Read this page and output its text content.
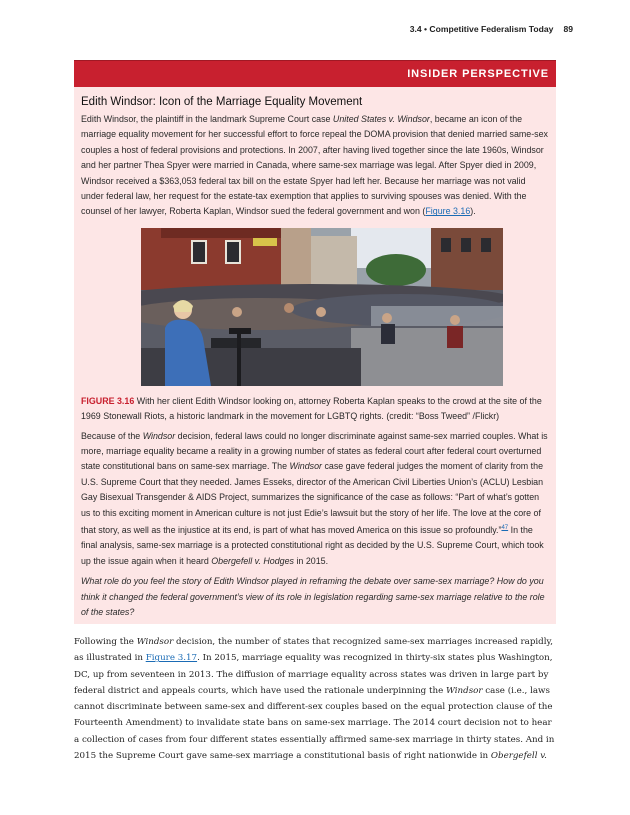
3.4 • Competitive Federalism Today 89
INSIDER PERSPECTIVE
Edith Windsor: Icon of the Marriage Equality Movement

Edith Windsor, the plaintiff in the landmark Supreme Court case United States v. Windsor, became an icon of the marriage equality movement for her successful effort to force repeal the DOMA provision that denied married same-sex couples a host of federal provisions and protections. In 2007, after having lived together since the late 1960s, Windsor and her partner Thea Spyer were married in Canada, where same-sex marriage was legal. After Spyer died in 2009, Windsor received a $363,053 federal tax bill on the estate Spyer had left her. Because her marriage was not valid under federal law, her request for the estate-tax exemption that applies to surviving spouses was denied. With the counsel of her lawyer, Roberta Kaplan, Windsor sued the federal government and won (Figure 3.16).

FIGURE 3.16 With her client Edith Windsor looking on, attorney Roberta Kaplan speaks to the crowd at the site of the 1969 Stonewall Riots, a historic landmark in the movement for LGBTQ rights. (credit: “Boss Tweed” /Flickr)

Because of the Windsor decision, federal laws could no longer discriminate against same-sex married couples. What is more, marriage equality became a reality in a growing number of states as federal court after federal court overturned state constitutional bans on same-sex marriage. The Windsor case gave federal judges the moment of clarity from the U.S. Supreme Court that they needed. James Esseks, director of the American Civil Liberties Union’s (ACLU) Lesbian Gay Bisexual Transgender & AIDS Project, summarizes the significance of the case as follows: “Part of what’s gotten us to this exciting moment in American culture is not just Edie’s lawsuit but the story of her life. The love at the core of that story, as well as the injustice at its end, is part of what has moved America on this issue so profoundly.”$^{47}$ In the final analysis, same-sex marriage is a protected constitutional right as decided by the U.S. Supreme Court, which took up the issue again when it heard Obergefell v. Hodges in 2015.

What role do you feel the story of Edith Windsor played in reframing the debate over same-sex marriage? How do you think it changed the federal government’s view of its role in legislation regarding same-sex marriage relative to the role of the states?

Following the Windsor decision, the number of states that recognized same-sex marriages increased rapidly, as illustrated in Figure 3.17. In 2015, marriage equality was recognized in thirty-six states plus Washington, DC, up from seventeen in 2013. The diffusion of marriage equality across states was driven in large part by federal district and appeals courts, which have used the rationale underpinning the Windsor case (i.e., laws cannot discriminate between same-sex and different-sex couples based on the equal protection clause of the Fourteenth Amendment) to invalidate state bans on same-sex marriage. The 2014 court decision not to hear a collection of cases from four different states essentially affirmed same-sex marriage in thirty states. And in 2015 the Supreme Court gave same-sex marriage a constitutional basis of right nationwide in Obergefell v.
